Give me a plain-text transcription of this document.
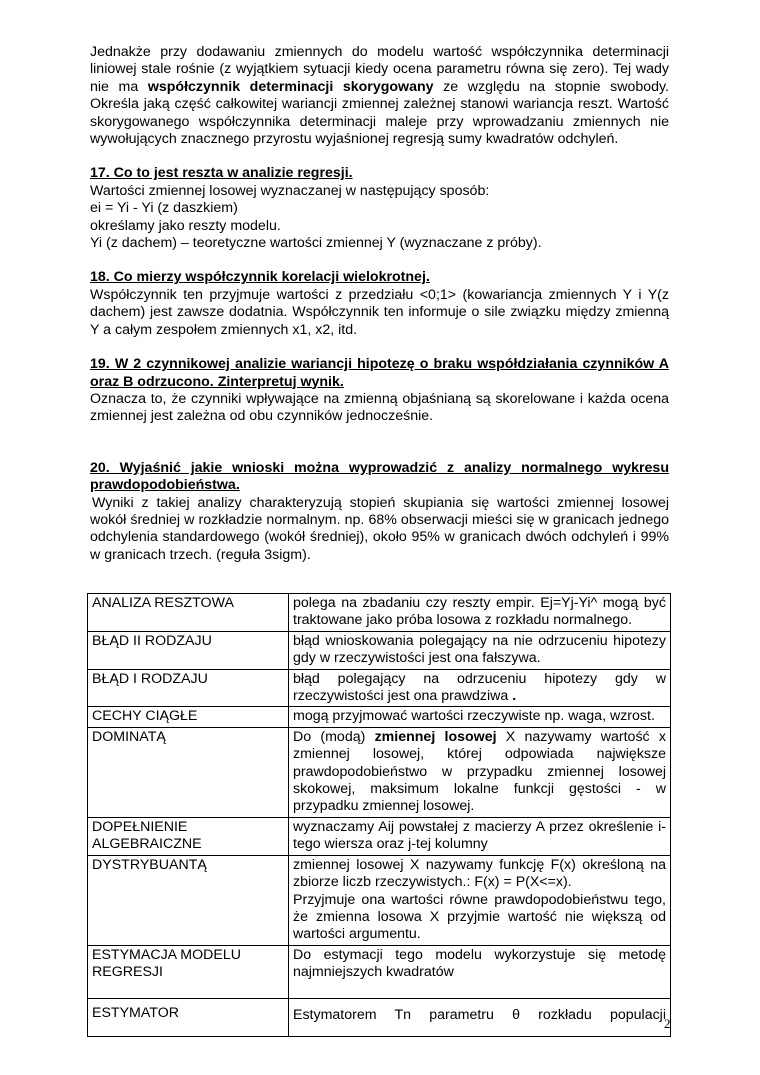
Jednakże przy dodawaniu zmiennych do modelu wartość współczynnika determinacji liniowej stale rośnie (z wyjątkiem sytuacji kiedy ocena parametru równa się zero). Tej wady nie ma współczynnik determinacji skorygowany ze względu na stopnie swobody. Określa jaką część całkowitej wariancji zmiennej zależnej stanowi wariancja reszt. Wartość skorygowanego współczynnika determinacji maleje przy wprowadzaniu zmiennych nie wywołujących znacznego przyrostu wyjaśnionej regresją sumy kwadratów odchyleń.

17. Co to jest reszta w analizie regresji.

Wartości zmiennej losowej wyznaczanej w następujący sposób:

ei = Yi - Yi (z daszkiem)

określamy jako reszty modelu.

Yi (z dachem) – teoretyczne wartości zmiennej Y (wyznaczane z próby).

18. Co mierzy współczynnik korelacji wielokrotnej.

Współczynnik ten przyjmuje wartości z przedziału <0;1> (kowariancja zmiennych Y i Y(z dachem) jest zawsze dodatnia. Współczynnik ten informuje o sile związku między zmienną Y a całym zespołem zmiennych x1, x2, itd.

19. W 2 czynnikowej analizie wariancji hipotezę o braku współdziałania czynników A oraz B odrzucono. Zinterpretuj wynik.

Oznacza to, że czynniki wpływające na zmienną objaśnianą są skorelowane i każda ocena zmiennej jest zależna od obu czynników jednocześnie.

20. Wyjaśnić jakie wnioski można wyprowadzić z analizy normalnego wykresu prawdopodobieństwa.

Wyniki z takiej analizy charakteryzują stopień skupiania się wartości zmiennej losowej wokół średniej w rozkładzie normalnym. np. 68% obserwacji mieści się w granicach jednego odchylenia standardowego (wokół średniej), około 95% w granicach dwóch odchyleń i 99% w granicach trzech. (reguła 3sigm).

ANALIZA RESZTOWA	polega na zbadaniu czy reszty empir. Ej=Yj-Yi^ mogą być traktowane jako próba losowa z rozkładu normalnego.
BŁĄD II RODZAJU	błąd wnioskowania polegający na nie odrzuceniu hipotezy gdy w rzeczywistości jest ona fałszywa.
BŁĄD I RODZAJU	błąd polegający na odrzuceniu hipotezy gdy w rzeczywistości jest ona prawdziwa .
CECHY CIĄGŁE	mogą przyjmować wartości rzeczywiste np. waga, wzrost.
DOMINATĄ	Do (modą) zmiennej losowej X nazywamy wartość x zmiennej losowej, której odpowiada największe prawdopodobieństwo w przypadku zmiennej losowej skokowej, maksimum lokalne funkcji gęstości - w przypadku zmiennej losowej.
DOPEŁNIENIE ALGEBRAICZNE	wyznaczamy Aij powstałej z macierzy A przez określenie i-tego wiersza oraz j-tej kolumny
DYSTRYBUANTĄ	zmiennej losowej X nazywamy funkcję F(x) określoną na zbiorze liczb rzeczywistych.: F(x) = P(X<=x).
Przyjmuje ona wartości równe prawdopodobieństwu tego, że zmienna losowa X przyjmie wartość nie większą od wartości argumentu.

ESTYMACJA MODELU REGRESJI	Do estymacji tego modelu wykorzystuje się metodę najmniejszych kwadratów
ESTYMATOR	Estymatorem Tn parametru θ rozkładu populacji
2
